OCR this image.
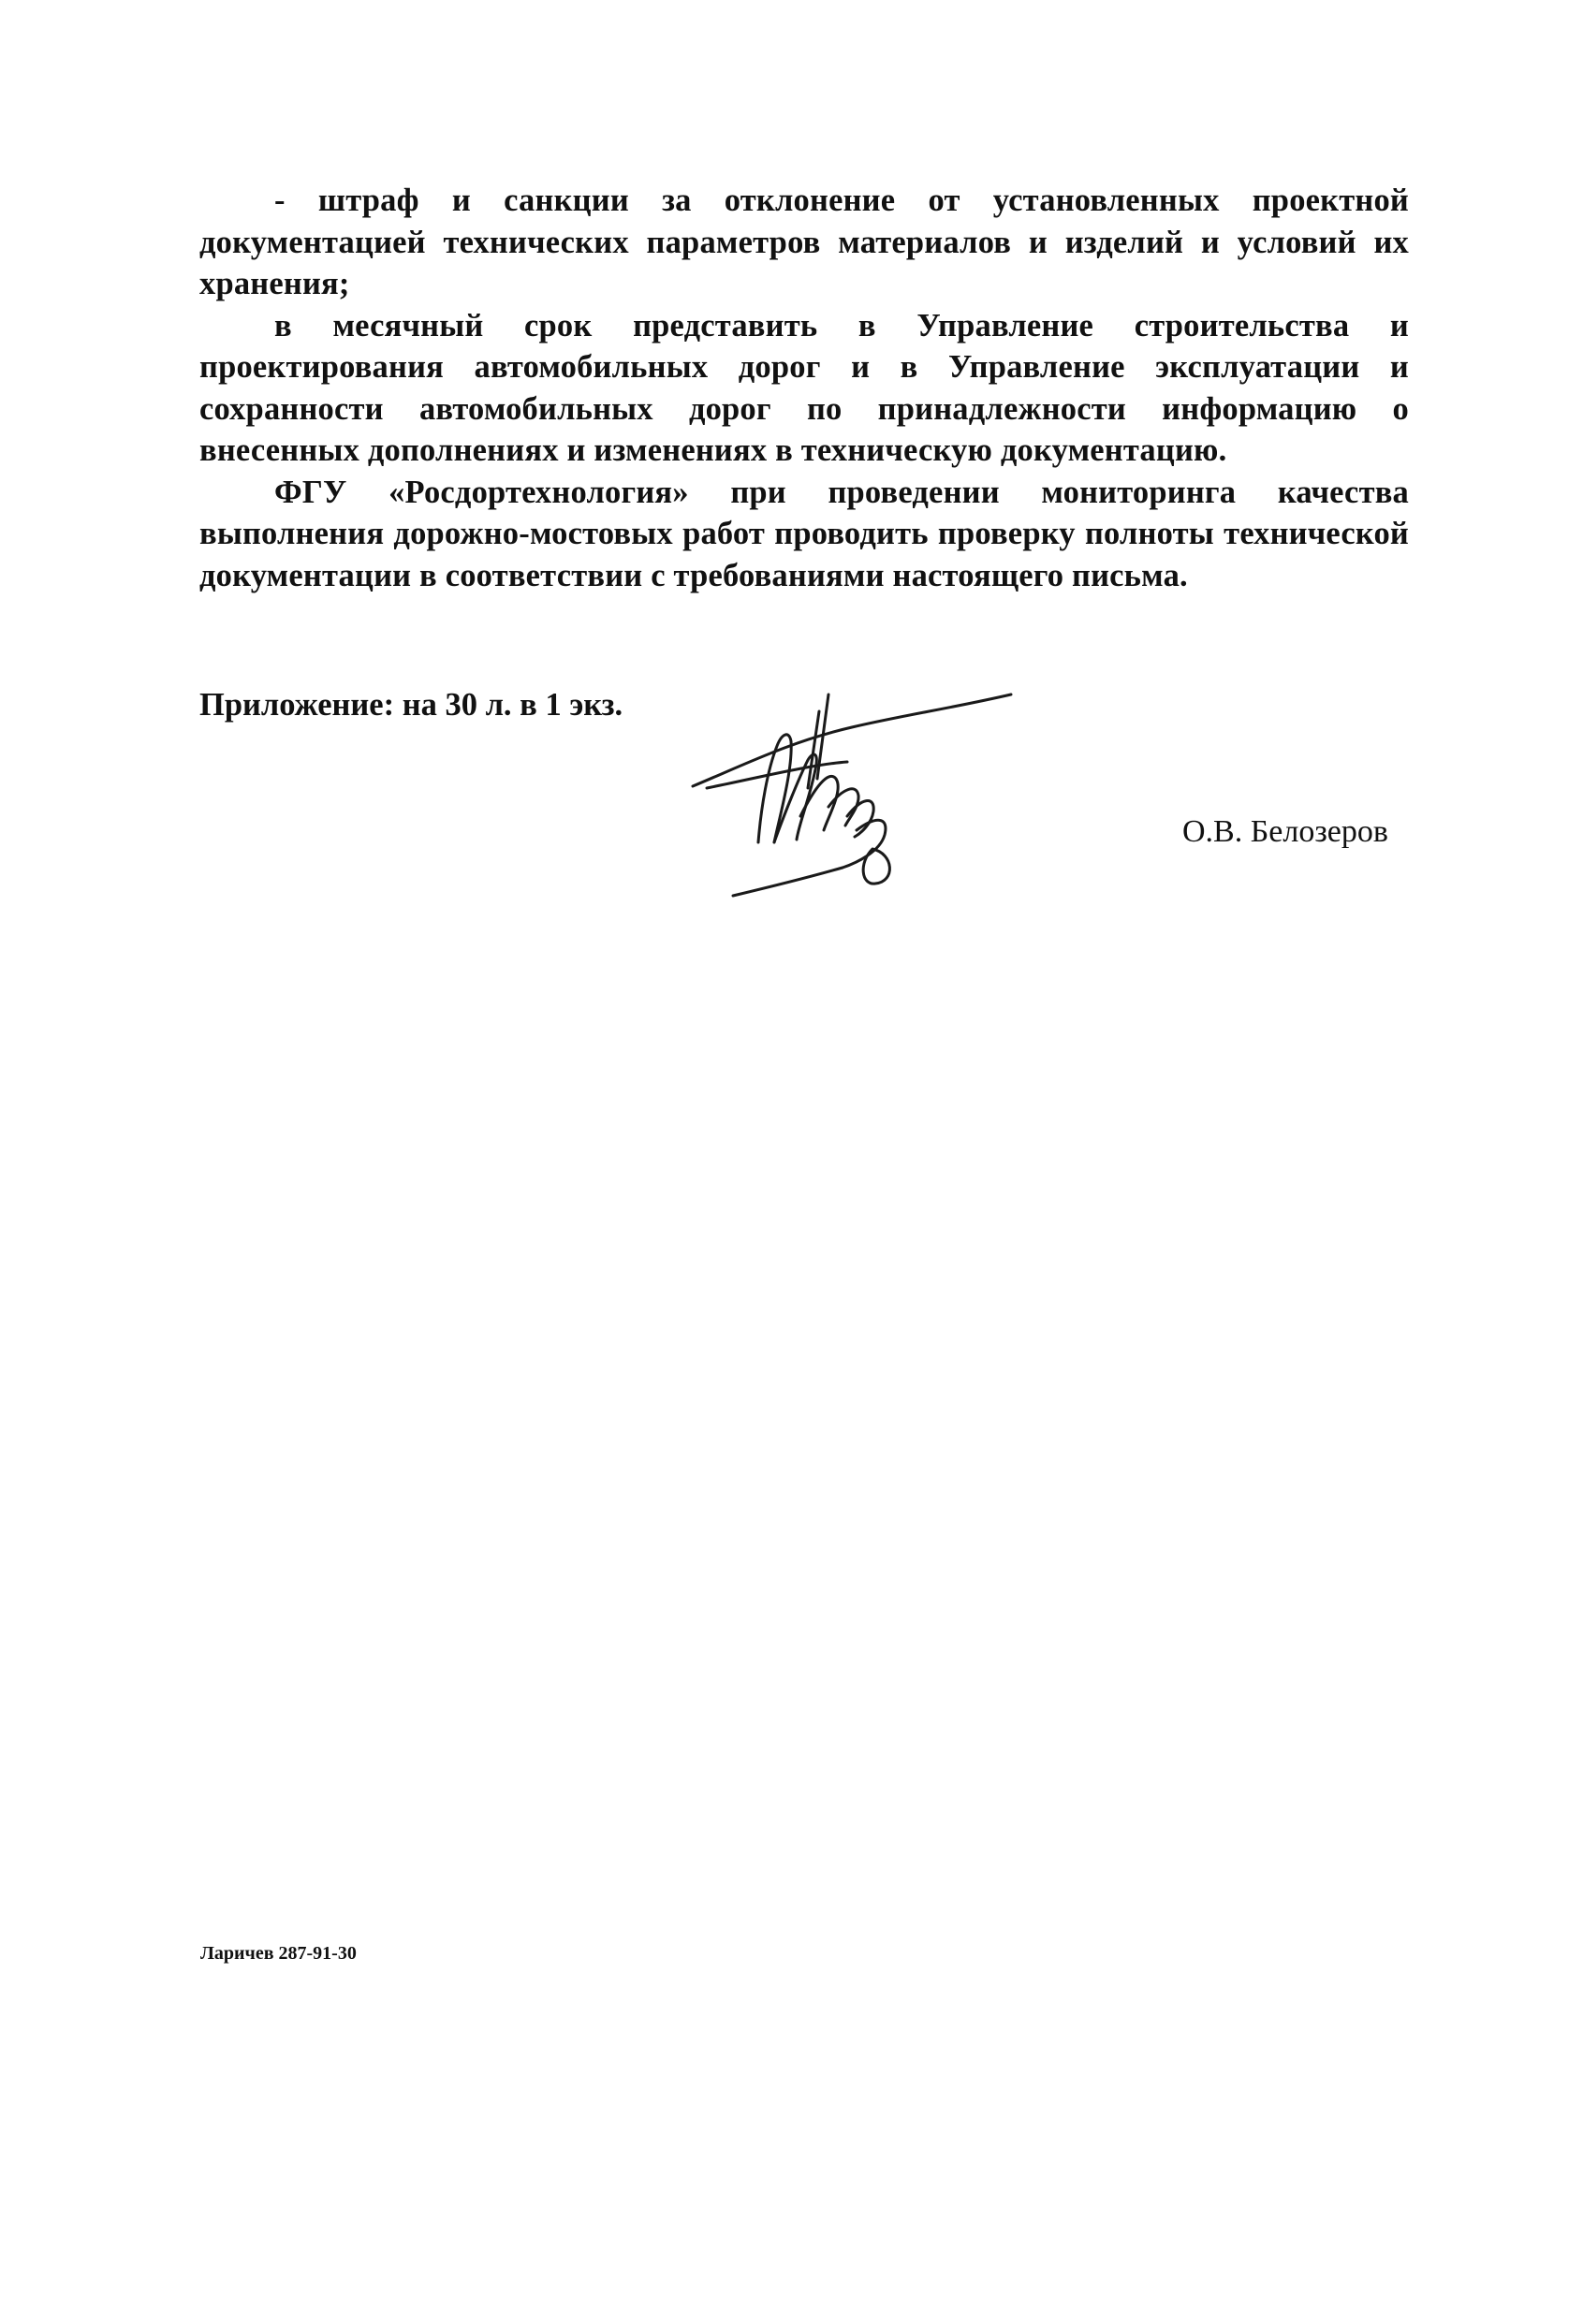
- штраф и санкции за отклонение от установленных проектной документацией технических параметров материалов и изделий и условий их хранения;

в месячный срок представить в Управление строительства и проектирования автомобильных дорог и в Управление эксплуатации и сохранности автомобильных дорог по принадлежности информацию о внесенных дополнениях и изменениях в техническую документацию.

ФГУ «Росдортехнология» при проведении мониторинга качества выполнения дорожно-мостовых работ проводить проверку полноты технической документации в соответствии с требованиями настоящего письма.

Приложение: на 30 л. в 1 экз.
О.В. Белозеров
Ларичев 287-91-30
